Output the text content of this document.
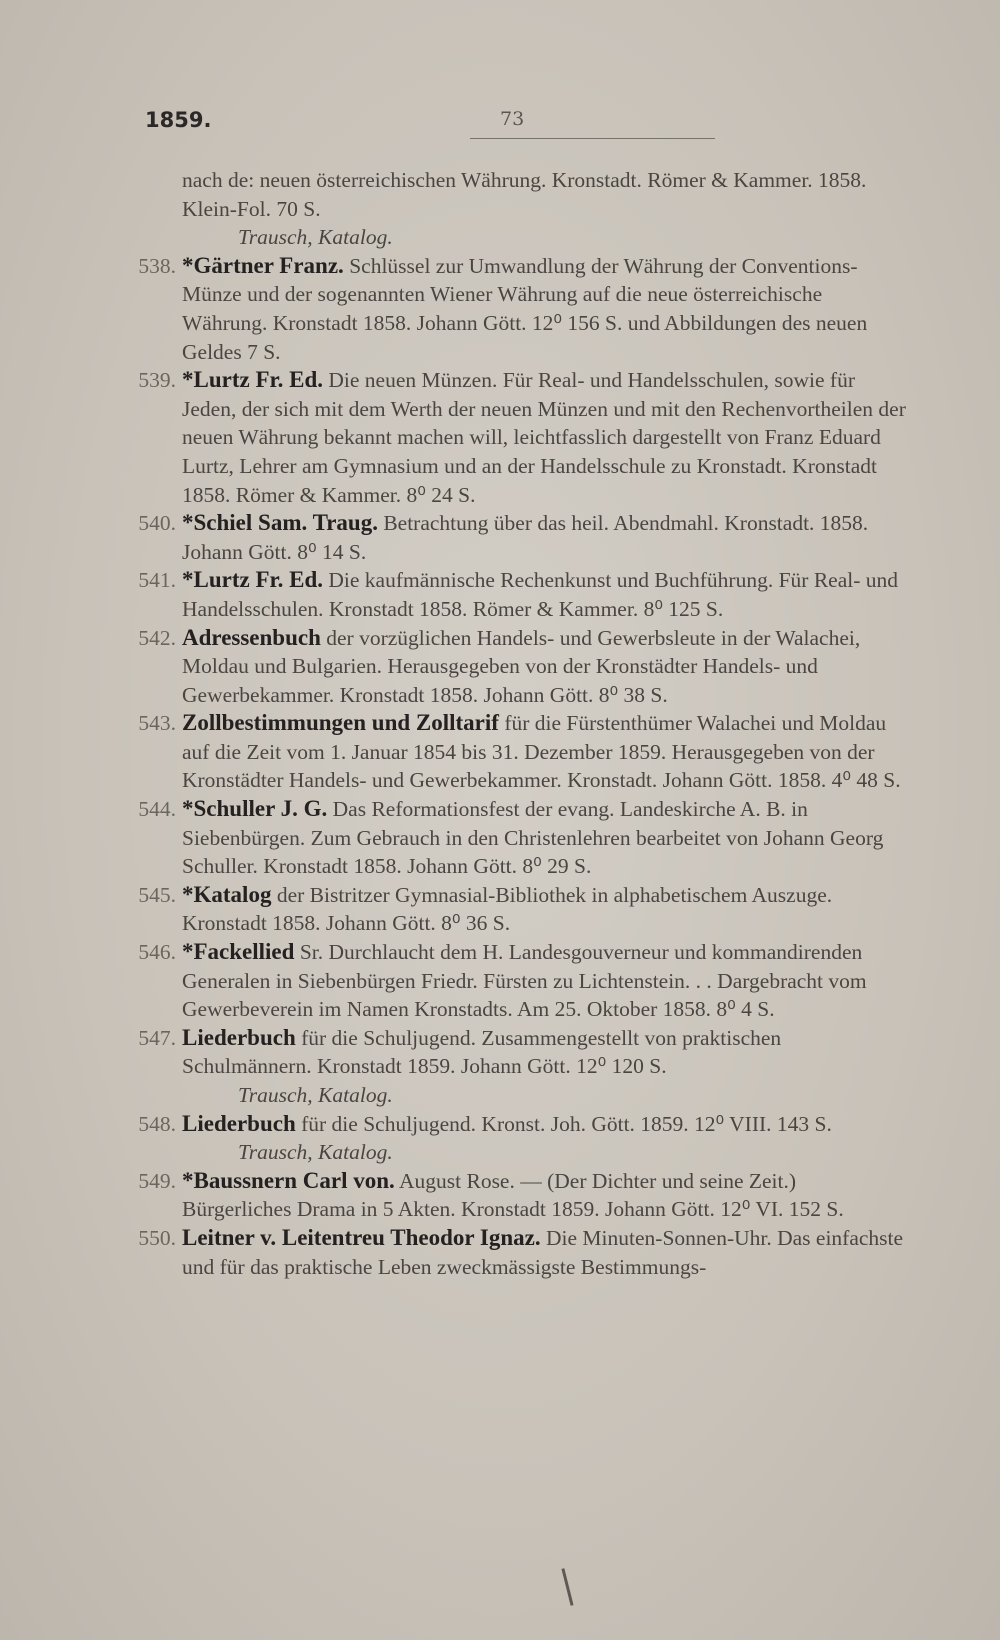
1859.	73

nach de: neuen österreichischen Währung. Kronstadt. Römer & Kammer. 1858. Klein-Fol. 70 S.
Trausch, Katalog.

538. *Gärtner Franz. Schlüssel zur Umwandlung der Währung der Conventions-Münze und der sogenannten Wiener Währung auf die neue österreichische Währung. Kronstadt 1858. Johann Gött. 12⁰ 156 S. und Abbildungen des neuen Geldes 7 S.

539. *Lurtz Fr. Ed. Die neuen Münzen. Für Real- und Handelsschulen, sowie für Jeden, der sich mit dem Werth der neuen Münzen und mit den Rechenvortheilen der neuen Währung bekannt machen will, leichtfasslich dargestellt von Franz Eduard Lurtz, Lehrer am Gymnasium und an der Handelsschule zu Kronstadt. Kronstadt 1858. Römer & Kammer. 8⁰ 24 S.

540. *Schiel Sam. Traug. Betrachtung über das heil. Abendmahl. Kronstadt. 1858. Johann Gött. 8⁰ 14 S.

541. *Lurtz Fr. Ed. Die kaufmännische Rechenkunst und Buchführung. Für Real- und Handelsschulen. Kronstadt 1858. Römer & Kammer. 8⁰ 125 S.

542. Adressenbuch der vorzüglichen Handels- und Gewerbsleute in der Walachei, Moldau und Bulgarien. Herausgegeben von der Kronstädter Handels- und Gewerbekammer. Kronstadt 1858. Johann Gött. 8⁰ 38 S.

543. Zollbestimmungen und Zolltarif für die Fürstenthümer Walachei und Moldau auf die Zeit vom 1. Januar 1854 bis 31. Dezember 1859. Herausgegeben von der Kronstädter Handels- und Gewerbekammer. Kronstadt. Johann Gött. 1858. 4⁰ 48 S.

544. *Schuller J. G. Das Reformationsfest der evang. Landeskirche A. B. in Siebenbürgen. Zum Gebrauch in den Christenlehren bearbeitet von Johann Georg Schuller. Kronstadt 1858. Johann Gött. 8⁰ 29 S.

545. *Katalog der Bistritzer Gymnasial-Bibliothek in alphabetischem Auszuge. Kronstadt 1858. Johann Gött. 8⁰ 36 S.

546. *Fackellied Sr. Durchlaucht dem H. Landesgouverneur und kommandirenden Generalen in Siebenbürgen Friedr. Fürsten zu Lichtenstein. . . Dargebracht vom Gewerbeverein im Namen Kronstadts. Am 25. Oktober 1858. 8⁰ 4 S.

547. Liederbuch für die Schuljugend. Zusammengestellt von praktischen Schulmännern. Kronstadt 1859. Johann Gött. 12⁰ 120 S.
Trausch, Katalog.

548. Liederbuch für die Schuljugend. Kronst. Joh. Gött. 1859. 12⁰ VIII. 143 S.
Trausch, Katalog.

549. *Baussnern Carl von. August Rose. — (Der Dichter und seine Zeit.) Bürgerliches Drama in 5 Akten. Kronstadt 1859. Johann Gött. 12⁰ VI. 152 S.

550. Leitner v. Leitentreu Theodor Ignaz. Die Minuten-Sonnen-Uhr. Das einfachste und für das praktische Leben zweckmässigste Bestimmungs-
